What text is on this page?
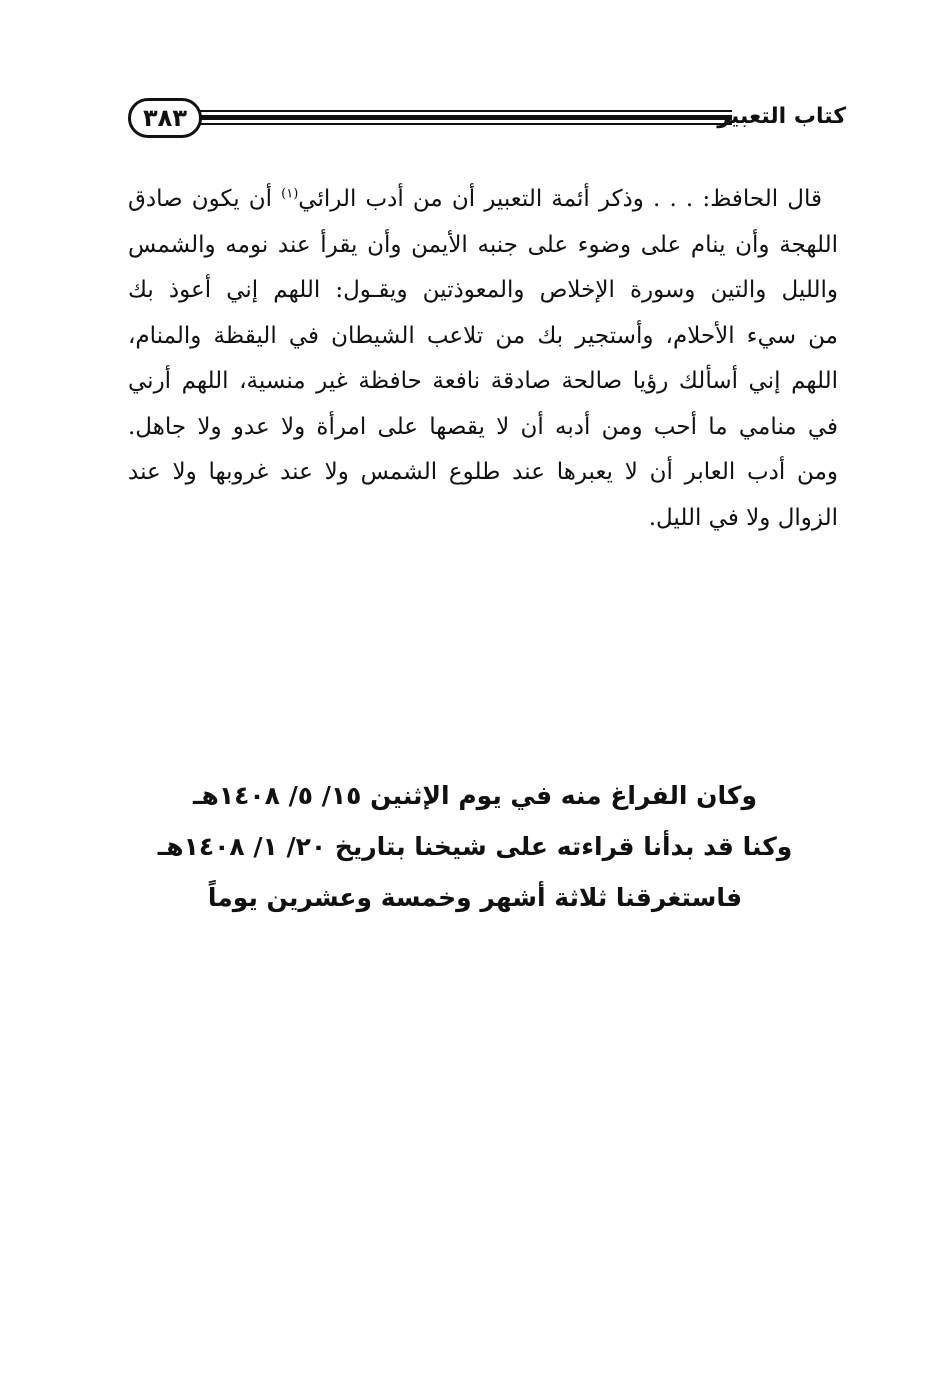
٣٨٣	كتاب التعبير
قال الحافظ: . . . وذكر أئمة التعبير أن من أدب الرائي$^{(١)}$ أن يكون صادق
اللهجة وأن ينام على وضوء على جنبه الأيمن وأن يقرأ عند نومه والشمس
والليل والتين وسورة الإخلاص والمعوذتين ويقـول: اللهم إني أعوذ بك
من سيء الأحلام، وأستجير بك من تلاعب الشيطان في اليقظة والمنام،
اللهم إني أسألك رؤيا صالحة صادقة نافعة حافظة غير منسية، اللهم أرني
في منامي ما أحب ومن أدبه أن لا يقصها على امرأة ولا عدو ولا جاهل.
ومن أدب العابر أن لا يعبرها عند طلوع الشمس ولا عند غروبها ولا عند
الزوال ولا في الليل.
وكان الفراغ منه في يوم الإثنين ١٥/ ٥/ ١٤٠٨هـ
وكنا قد بدأنا قراءته على شيخنا بتاريخ ٢٠/ ١/ ١٤٠٨هـ
فاستغرقنا ثلاثة أشهر وخمسة وعشرين يوماً
